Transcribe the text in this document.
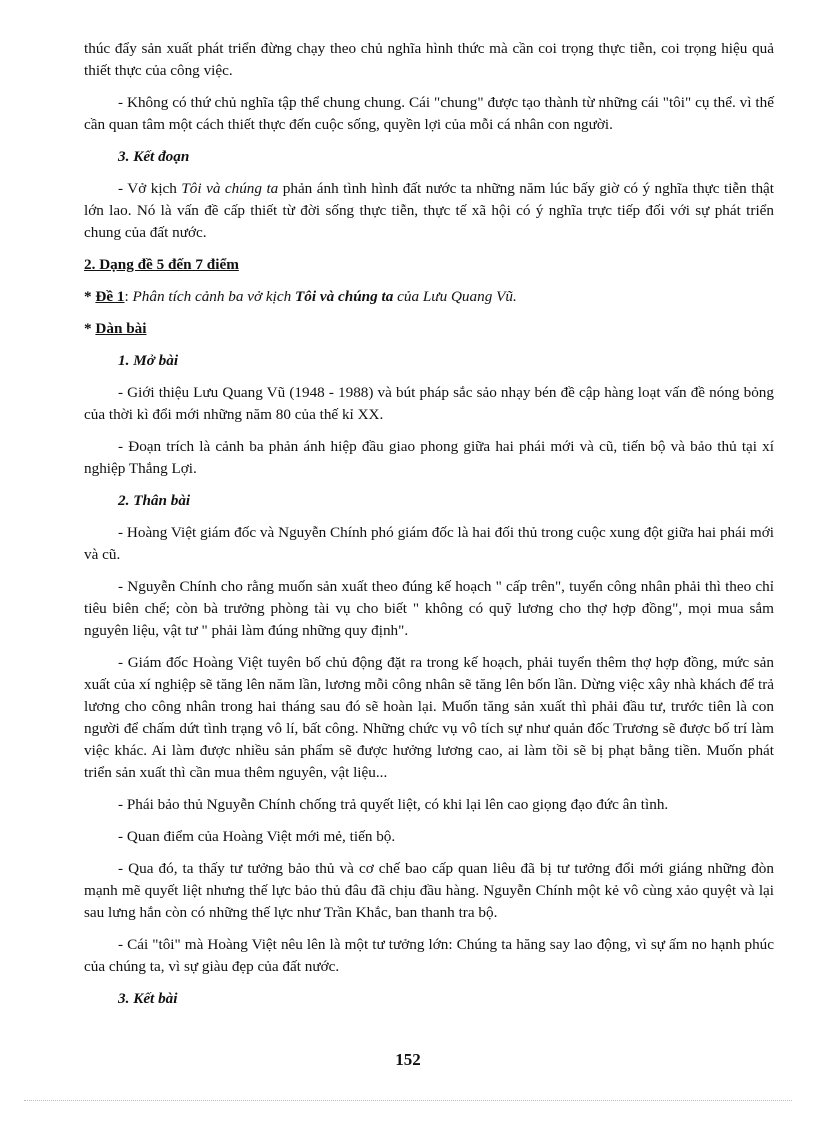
thúc đẩy sản xuất phát triển đừng chạy theo chủ nghĩa hình thức mà cần coi trọng thực tiễn, coi trọng hiệu quả thiết thực của công việc.

- Không có thứ chủ nghĩa tập thể chung chung. Cái "chung" được tạo thành từ những cái "tôi" cụ thể. vì thế cần quan tâm một cách thiết thực đến cuộc sống, quyền lợi của mỗi cá nhân con người.

3. Kết đoạn

- Vở kịch Tôi và chúng ta phản ánh tình hình đất nước ta những năm lúc bấy giờ có ý nghĩa thực tiễn thật lớn lao. Nó là vấn đề cấp thiết từ đời sống thực tiễn, thực tế xã hội có ý nghĩa trực tiếp đối với sự phát triển chung của đất nước.

2. Dạng đề 5 đến 7 điểm

* Đề 1: Phân tích cảnh ba vở kịch Tôi và chúng ta của Lưu Quang Vũ.

* Dàn bài

1. Mở bài

- Giới thiệu Lưu Quang Vũ (1948 - 1988) và bút pháp sắc sảo nhạy bén đề cập hàng loạt vấn đề nóng bỏng của thời kì đổi mới những năm 80 của thế kỉ XX.

- Đoạn trích là cảnh ba phản ánh hiệp đầu giao phong giữa hai phái mới và cũ, tiến bộ và bảo thủ tại xí nghiệp Thắng Lợi.

2. Thân bài

- Hoàng Việt giám đốc và Nguyễn Chính phó giám đốc là hai đối thủ trong cuộc xung đột giữa hai phái mới và cũ.

- Nguyễn Chính cho rằng muốn sản xuất theo đúng kế hoạch " cấp trên", tuyển công nhân phải thì theo chỉ tiêu biên chế; còn bà trưởng phòng tài vụ cho biết " không có quỹ lương cho thợ hợp đồng", mọi mua sắm nguyên liệu, vật tư " phải làm đúng những quy định".

- Giám đốc Hoàng Việt tuyên bố chủ động đặt ra trong kế hoạch, phải tuyển thêm thợ hợp đồng, mức sản xuất của xí nghiệp sẽ tăng lên năm lần, lương mỗi công nhân sẽ tăng lên bốn lần. Dừng việc xây nhà khách để trả lương cho công nhân trong hai tháng sau đó sẽ hoàn lại. Muốn tăng sản xuất thì phải đầu tư, trước tiên là con người để chấm dứt tình trạng vô lí, bất công. Những chức vụ vô tích sự như quản đốc Trương sẽ được bố trí làm việc khác. Ai làm được nhiều sản phẩm sẽ được hưởng lương cao, ai làm tồi sẽ bị phạt bằng tiền. Muốn phát triển sản xuất thì cần mua thêm nguyên, vật liệu...

- Phái bảo thủ Nguyễn Chính chống trả quyết liệt, có khi lại lên cao giọng đạo đức ân tình.

- Quan điểm của Hoàng Việt mới mẻ, tiến bộ.

- Qua đó, ta thấy tư tưởng bảo thủ và cơ chế bao cấp quan liêu đã bị tư tưởng đổi mới giáng những đòn mạnh mẽ quyết liệt nhưng thế lực bảo thủ đâu đã chịu đầu hàng. Nguyễn Chính một kẻ vô cùng xảo quyệt và lại sau lưng hắn còn có những thế lực như Trần Khắc, ban thanh tra bộ.

- Cái "tôi" mà Hoàng Việt nêu lên là một tư tưởng lớn: Chúng ta hăng say lao động, vì sự ấm no hạnh phúc của chúng ta, vì sự giàu đẹp của đất nước.

3. Kết bài
152
